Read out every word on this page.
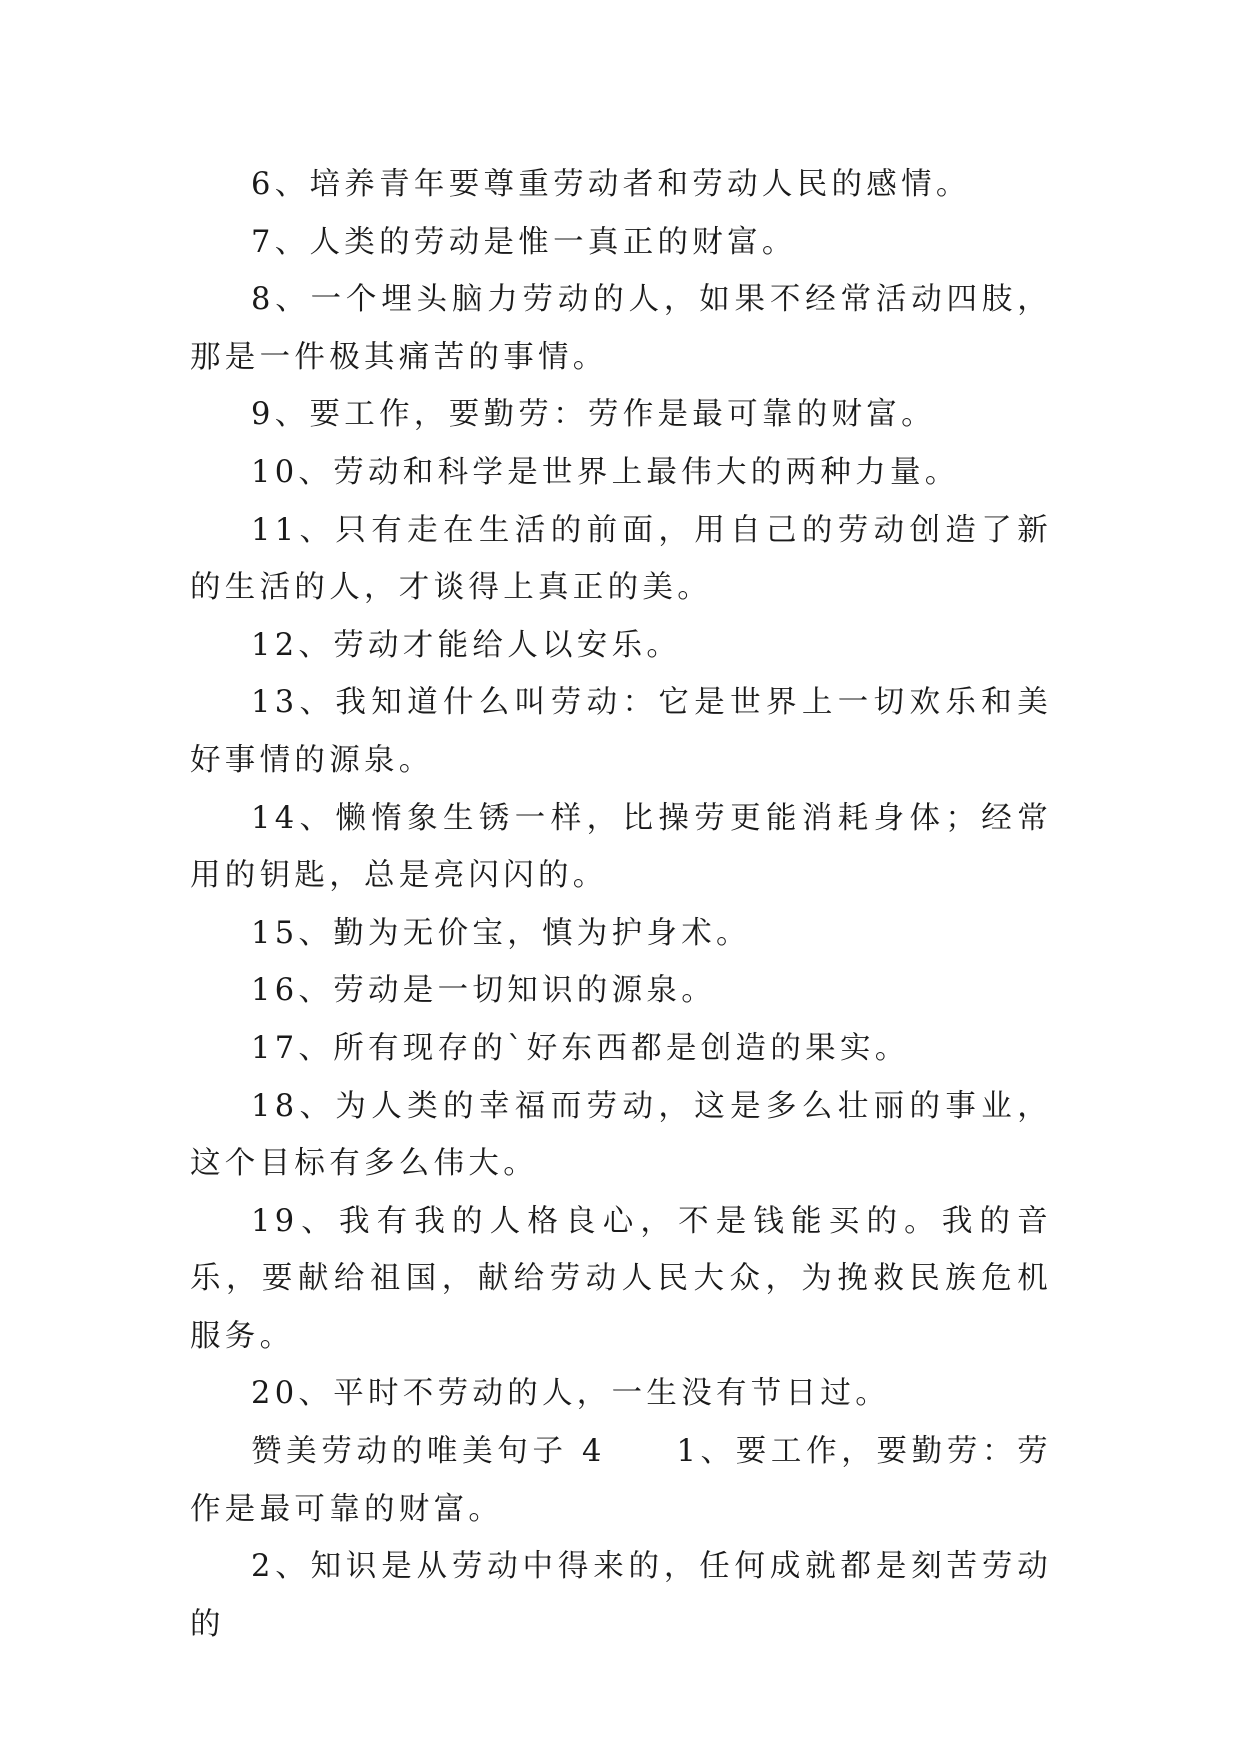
6、培养青年要尊重劳动者和劳动人民的感情。

7、人类的劳动是惟一真正的财富。

8、一个埋头脑力劳动的人，如果不经常活动四肢，那是一件极其痛苦的事情。

9、要工作，要勤劳：劳作是最可靠的财富。

10、劳动和科学是世界上最伟大的两种力量。

11、只有走在生活的前面，用自己的劳动创造了新的生活的人，才谈得上真正的美。

12、劳动才能给人以安乐。

13、我知道什么叫劳动：它是世界上一切欢乐和美好事情的源泉。

14、懒惰象生锈一样，比操劳更能消耗身体；经常用的钥匙，总是亮闪闪的。

15、勤为无价宝，慎为护身术。

16、劳动是一切知识的源泉。

17、所有现存的`好东西都是创造的果实。

18、为人类的幸福而劳动，这是多么壮丽的事业，这个目标有多么伟大。

19、我有我的人格良心，不是钱能买的。我的音乐，要献给祖国，献给劳动人民大众，为挽救民族危机服务。

20、平时不劳动的人，一生没有节日过。

赞美劳动的唯美句子 4　　1、要工作，要勤劳：劳作是最可靠的财富。

2、知识是从劳动中得来的，任何成就都是刻苦劳动的
